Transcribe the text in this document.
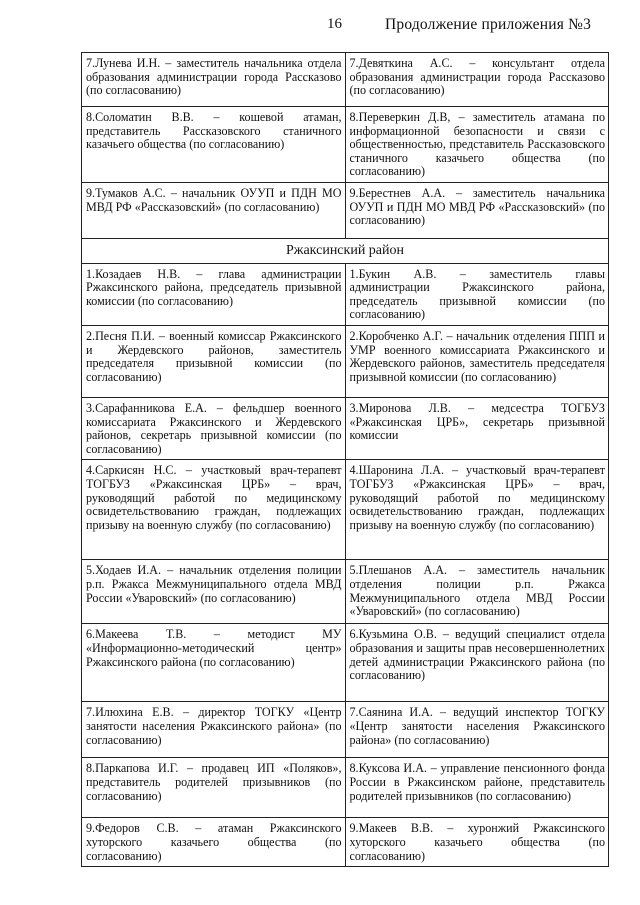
16	Продолжение приложения №3
7.Лунева И.Н. – заместитель начальника отдела образования администрации города Рассказово (по согласованию)	7.Девяткина А.С. – консультант отдела образования администрации города Рассказово (по согласованию)

8.Соломатин В.В. – кошевой атаман, представитель Рассказовского станичного казачьего общества (по согласованию)	8.Переверкин Д.В, – заместитель атамана по информационной безопасности и связи с общественностью, представитель Рассказовского станичного казачьего общества (по согласованию)

9.Тумаков А.С. – начальник ОУУП и ПДН МО МВД РФ «Рассказовский» (по согласованию)	9.Берестнев А.А. – заместитель начальника ОУУП и ПДН МО МВД РФ «Рассказовский» (по согласованию)

Ржаксинский район	

1.Козадаев Н.В. – глава администрации Ржаксинского района, председатель призывной комиссии (по согласованию)	1.Букин А.В. – заместитель главы администрации Ржаксинского района, председатель призывной комиссии (по согласованию)

2.Песня П.И. – военный комиссар Ржаксинского и Жердевского районов, заместитель председателя призывной комиссии (по согласованию)	2.Коробченко А.Г. – начальник отделения ППП и УМР военного комиссариата Ржаксинского и Жердевского районов, заместитель председателя призывной комиссии (по согласованию)

3.Сарафанникова Е.А. – фельдшер военного комиссариата Ржаксинского и Жердевского районов, секретарь призывной комиссии (по согласованию)	3.Миронова Л.В. – медсестра ТОГБУЗ «Ржаксинская ЦРБ», секретарь призывной комиссии

4.Саркисян Н.С. – участковый врач-терапевт ТОГБУЗ «Ржаксинская ЦРБ» – врач, руководящий работой по медицинскому освидетельствованию граждан, подлежащих призыву на военную службу (по согласованию)	4.Шаронина Л.А. – участковый врач-терапевт ТОГБУЗ «Ржаксинская ЦРБ» – врач, руководящий работой по медицинскому освидетельствованию граждан, подлежащих призыву на военную службу (по согласованию)

5.Ходаев И.А. – начальник отделения полиции р.п. Ржакса Межмуниципального отдела МВД России «Уваровский» (по согласованию)	5.Плешанов А.А. – заместитель начальник отделения полиции р.п. Ржакса Межмуниципального отдела МВД России «Уваровский» (по согласованию)

6.Макеева Т.В. – методист МУ «Информационно-методический центр» Ржаксинского района (по согласованию)	6.Кузьмина О.В. – ведущий специалист отдела образования и защиты прав несовершеннолетних детей администрации Ржаксинского района (по согласованию)

7.Илюхина Е.В. – директор ТОГКУ «Центр занятости населения Ржаксинского района» (по согласованию)	7.Саянина И.А. – ведущий инспектор ТОГКУ «Центр занятости населения Ржаксинского района» (по согласованию)

8.Паркапова И.Г. – продавец ИП «Поляков», представитель родителей призывников (по согласованию)	8.Куксова И.А. – управление пенсионного фонда России в Ржаксинском районе, представитель родителей призывников (по согласованию)

9.Федоров С.В. – атаман Ржаксинского хуторского казачьего общества (по согласованию)	9.Макеев В.В. – хуронжий Ржаксинского хуторского казачьего общества (по согласованию)
